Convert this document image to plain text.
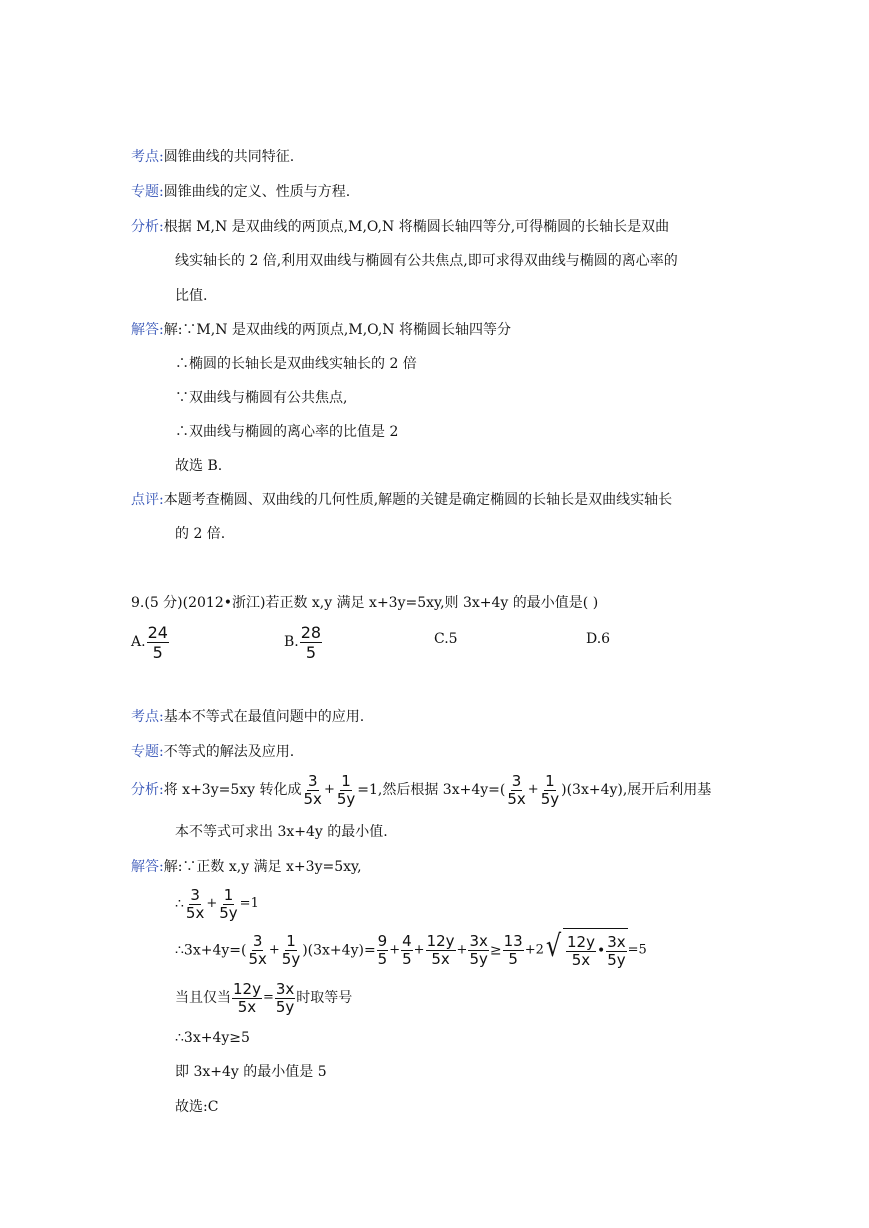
考点:圆锥曲线的共同特征.
专题:圆锥曲线的定义、性质与方程.
分析:根据 M,N 是双曲线的两顶点,M,O,N 将椭圆长轴四等分,可得椭圆的长轴长是双曲
线实轴长的 2 倍,利用双曲线与椭圆有公共焦点,即可求得双曲线与椭圆的离心率的
比值.
解答:解:∵M,N 是双曲线的两顶点,M,O,N 将椭圆长轴四等分
∴椭圆的长轴长是双曲线实轴长的 2 倍
∵双曲线与椭圆有公共焦点,
∴双曲线与椭圆的离心率的比值是 2
故选 B.
点评:本题考查椭圆、双曲线的几何性质,解题的关键是确定椭圆的长轴长是双曲线实轴长
的 2 倍.
9.(5 分)(2012•浙江)若正数 x,y 满足 x+3y=5xy,则 3x+4y 的最小值是( )
A. $\frac{24}{5}$	B. $\frac{28}{5}$	C.5	D.6
考点:基本不等式在最值问题中的应用.
专题:不等式的解法及应用.
分析:将 x+3y=5xy 转化成 $\frac{3}{5x} + \frac{1}{5y} =1$,然后根据 $3x+4y=( \frac{3}{5x} + \frac{1}{5y} )(3x+4y)$,展开后利用基
本不等式可求出 3x+4y 的最小值.
解答:解:∵正数 x,y 满足 x+3y=5xy,
∴ $\frac{3}{5x} + \frac{1}{5y} =1$
∴3x+4y=( $\frac{3}{5x} + \frac{1}{5y} )(3x+4y)= \frac{9}{5} + \frac{4}{5} + \frac{12y}{5x} + \frac{3x}{5y} \ge \frac{13}{5} +2$ √ $\frac{12y}{5x}$ • $\frac{3x}{5y} =5$
当且仅当 $\frac{12y}{5x} = \frac{3x}{5y}$ 时取等号
∴3x+4y≥5
即 3x+4y 的最小值是 5
故选:C
